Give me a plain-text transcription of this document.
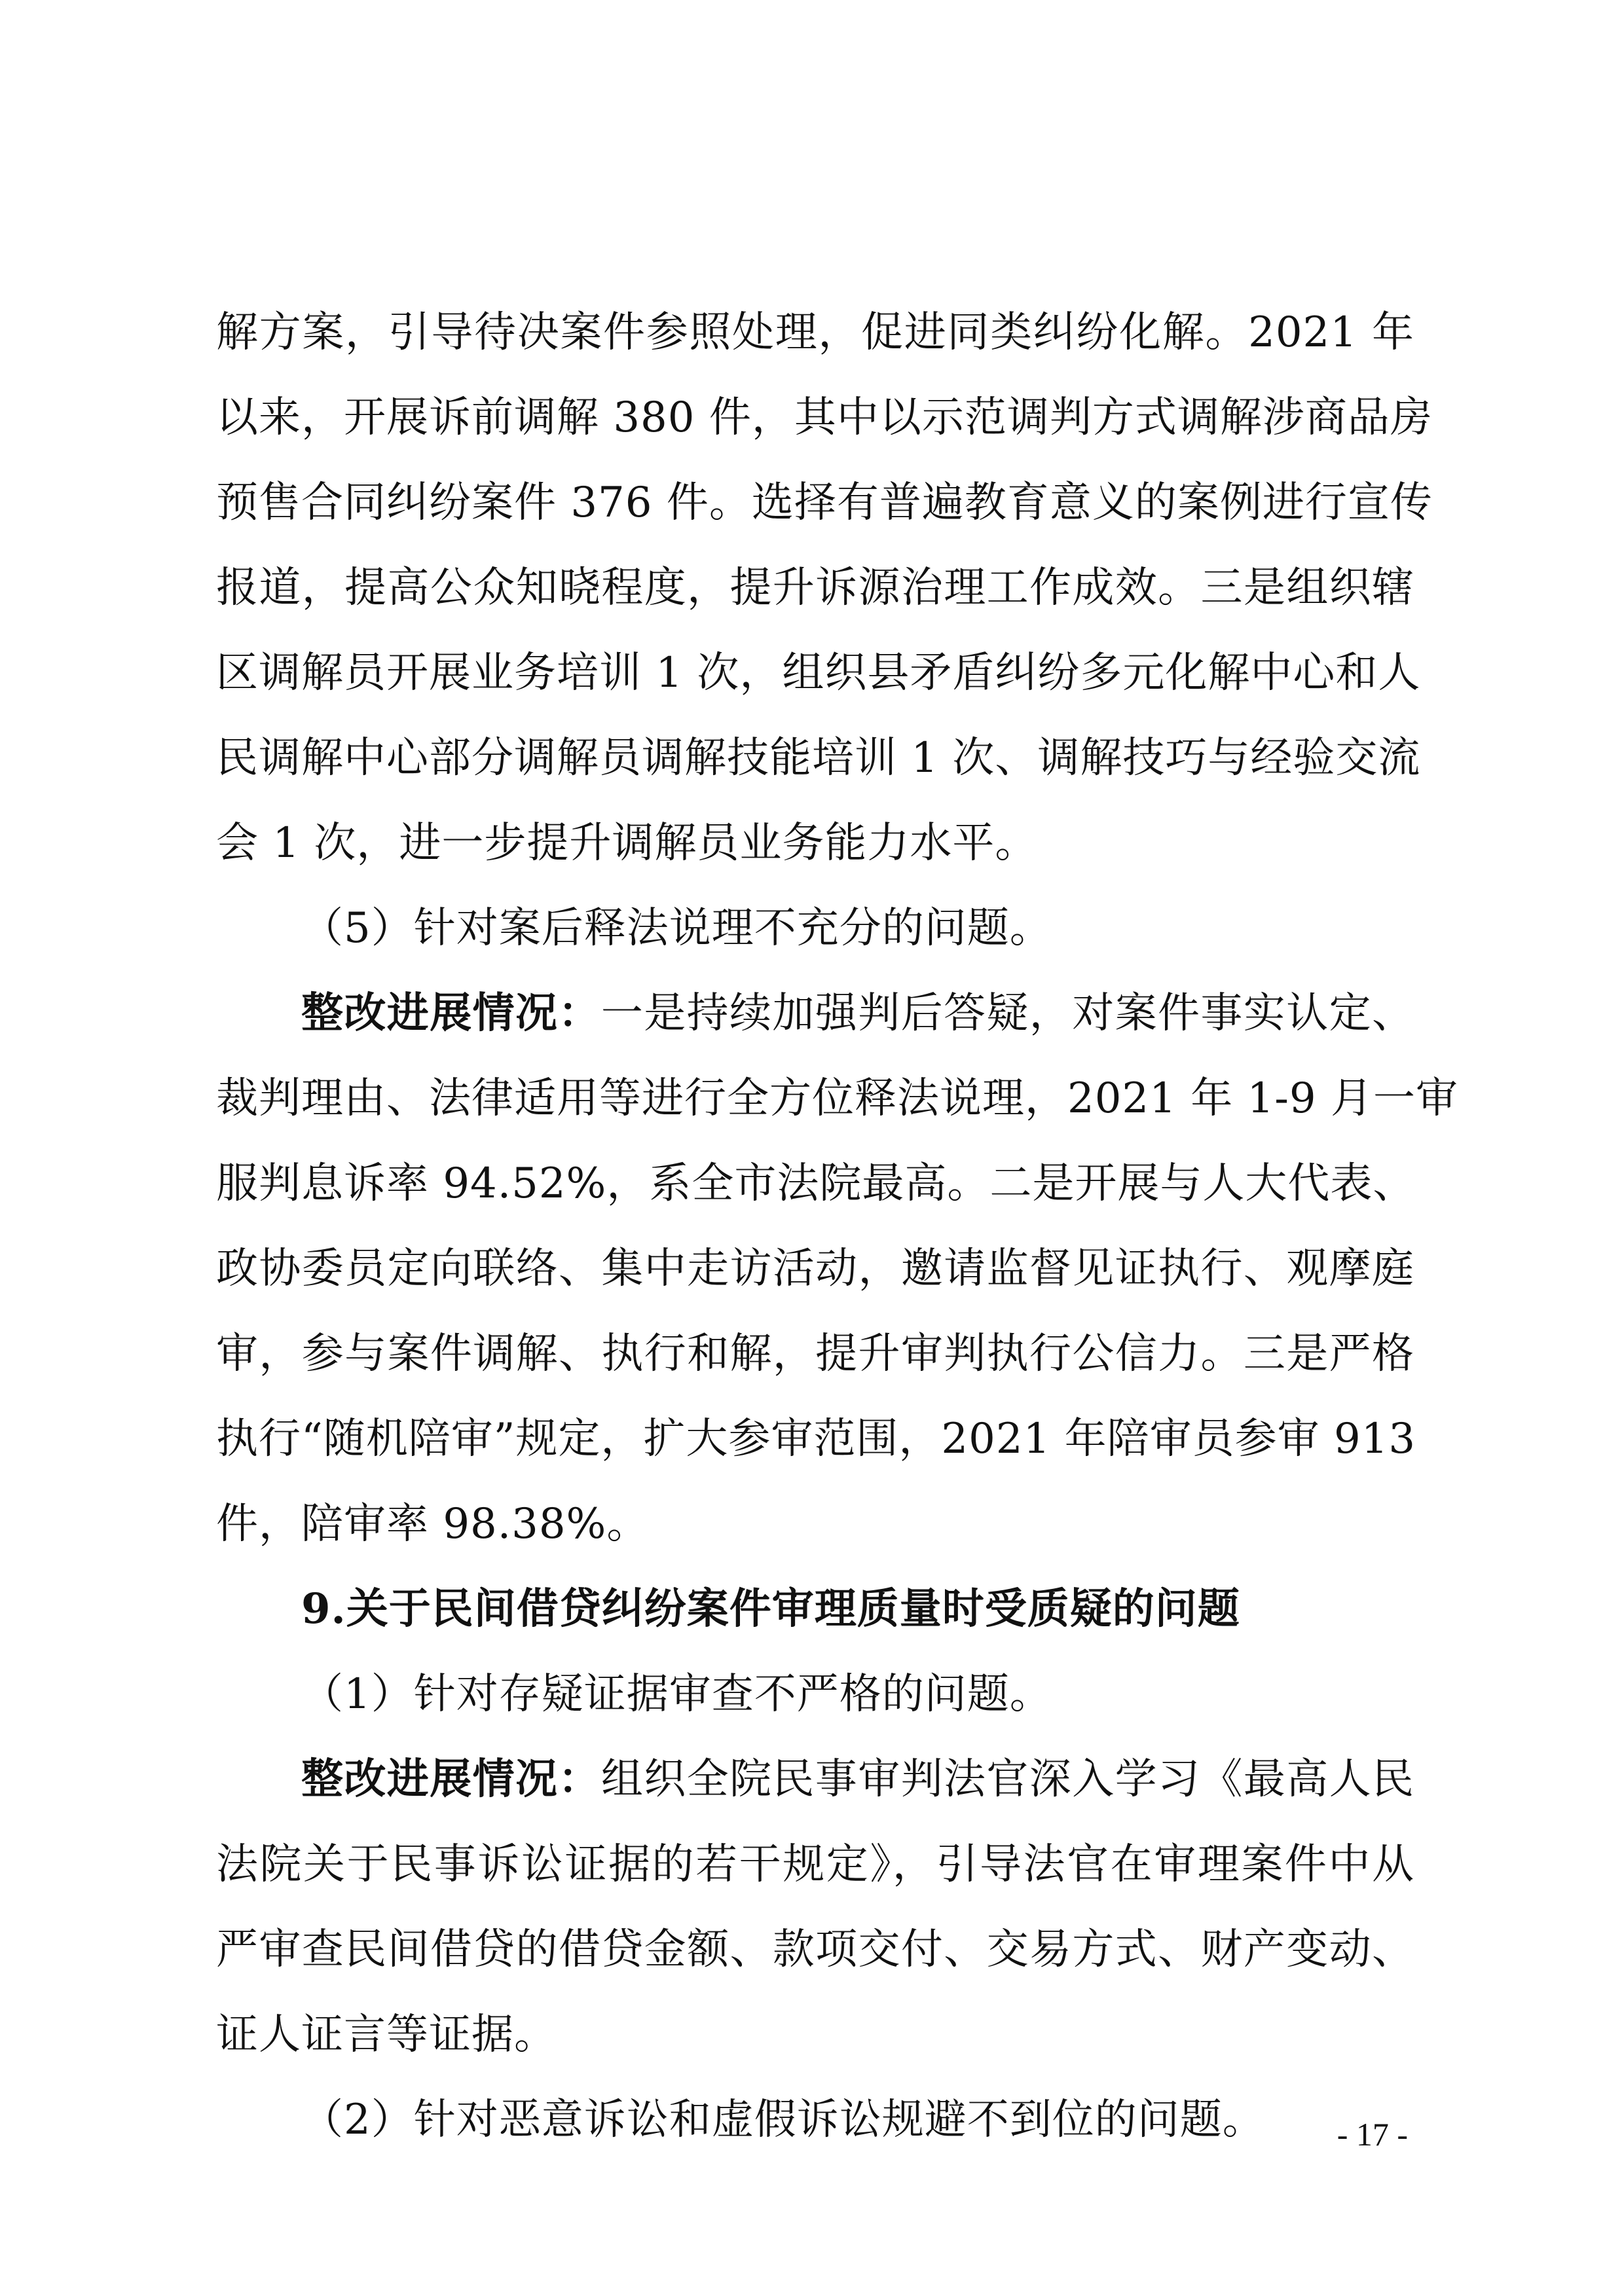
解方案，引导待决案件参照处理，促进同类纠纷化解。2021 年
以来，开展诉前调解 380 件，其中以示范调判方式调解涉商品房
预售合同纠纷案件 376 件。选择有普遍教育意义的案例进行宣传
报道，提高公众知晓程度，提升诉源治理工作成效。三是组织辖
区调解员开展业务培训 1 次，组织县矛盾纠纷多元化解中心和人
民调解中心部分调解员调解技能培训 1 次、调解技巧与经验交流
会 1 次，进一步提升调解员业务能力水平。
（5）针对案后释法说理不充分的问题。
整改进展情况：一是持续加强判后答疑，对案件事实认定、
裁判理由、法律适用等进行全方位释法说理，2021 年 1-9 月一审
服判息诉率 94.52%，系全市法院最高。二是开展与人大代表、
政协委员定向联络、集中走访活动，邀请监督见证执行、观摩庭
审，参与案件调解、执行和解，提升审判执行公信力。三是严格
执行“随机陪审”规定，扩大参审范围，2021 年陪审员参审 913
件，陪审率 98.38%。
9.关于民间借贷纠纷案件审理质量时受质疑的问题
（1）针对存疑证据审查不严格的问题。
整改进展情况：组织全院民事审判法官深入学习《最高人民
法院关于民事诉讼证据的若干规定》，引导法官在审理案件中从
严审查民间借贷的借贷金额、款项交付、交易方式、财产变动、
证人证言等证据。
（2）针对恶意诉讼和虚假诉讼规避不到位的问题。	- 17 -
